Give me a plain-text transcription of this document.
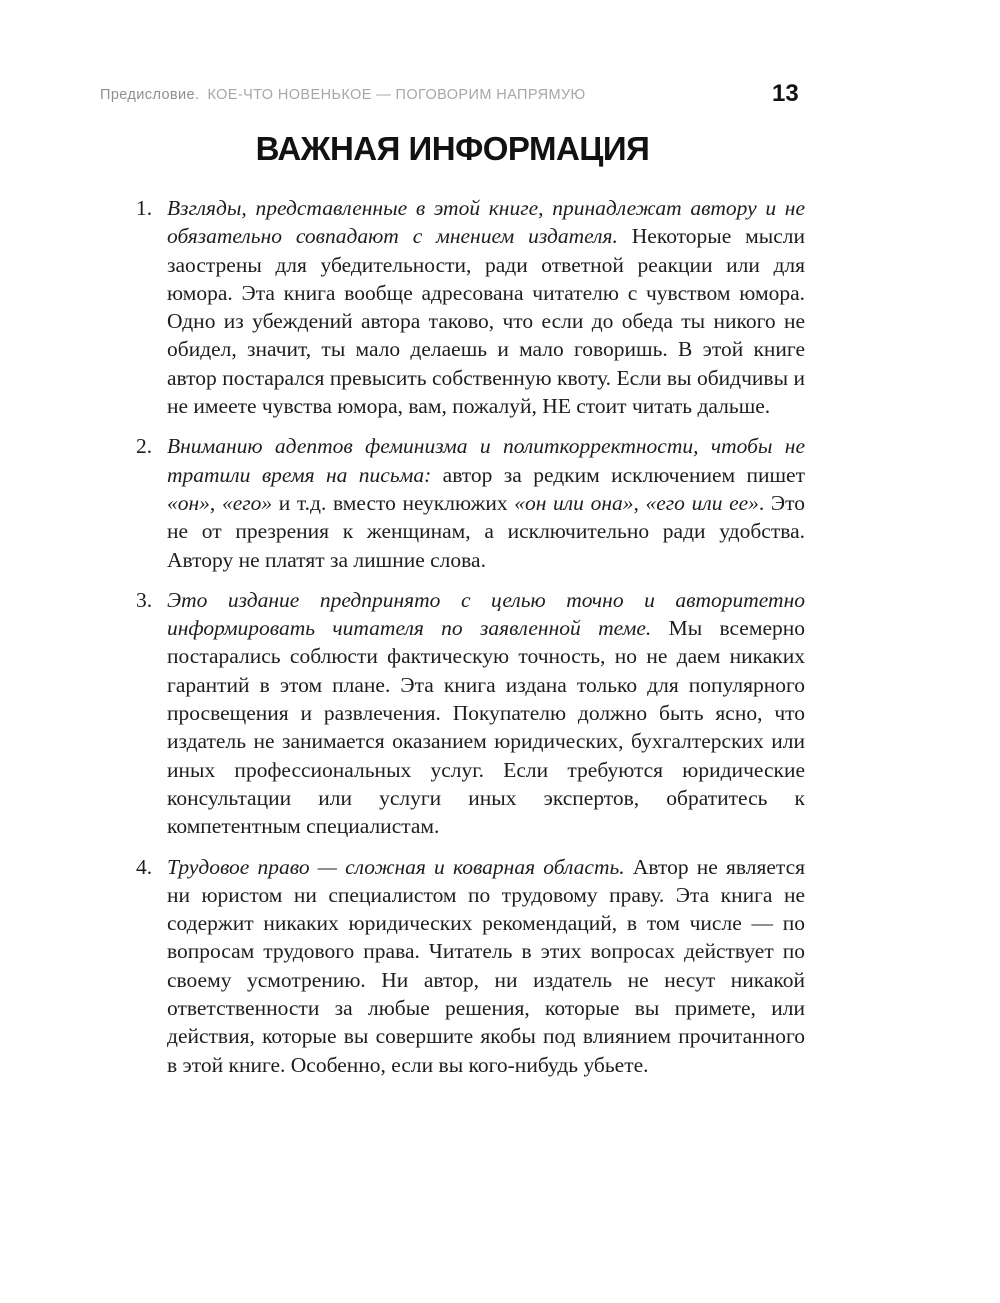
Предисловие. КОЕ-ЧТО НОВЕНЬКОЕ — ПОГОВОРИМ НАПРЯМУЮ	13
ВАЖНАЯ ИНФОРМАЦИЯ
1. Взгляды, представленные в этой книге, принадлежат автору и не обязательно совпадают с мнением издателя. Некоторые мысли заострены для убедительности, ради ответной реакции или для юмора. Эта книга вообще адресована читателю с чувством юмора. Одно из убеждений автора таково, что если до обеда ты никого не обидел, значит, ты мало делаешь и мало говоришь. В этой книге автор постарался превысить собственную квоту. Если вы обидчивы и не имеете чувства юмора, вам, пожалуй, НЕ стоит читать дальше.

2. Вниманию адептов феминизма и политкорректности, чтобы не тратили время на письма: автор за редким исключением пишет «он», «его» и т.д. вместо неуклюжих «он или она», «его или ее». Это не от презрения к женщинам, а исключительно ради удобства. Автору не платят за лишние слова.

3. Это издание предпринято с целью точно и авторитетно информировать читателя по заявленной теме. Мы всемерно постарались соблюсти фактическую точность, но не даем никаких гарантий в этом плане. Эта книга издана только для популярного просвещения и развлечения. Покупателю должно быть ясно, что издатель не занимается оказанием юридических, бухгалтерских или иных профессиональных услуг. Если требуются юридические консультации или услуги иных экспертов, обратитесь к компетентным специалистам.

4. Трудовое право — сложная и коварная область. Автор не является ни юристом ни специалистом по трудовому праву. Эта книга не содержит никаких юридических рекомендаций, в том числе — по вопросам трудового права. Читатель в этих вопросах действует по своему усмотрению. Ни автор, ни издатель не несут никакой ответственности за любые решения, которые вы примете, или действия, которые вы совершите якобы под влиянием прочитанного в этой книге. Особенно, если вы кого-нибудь убьете.
